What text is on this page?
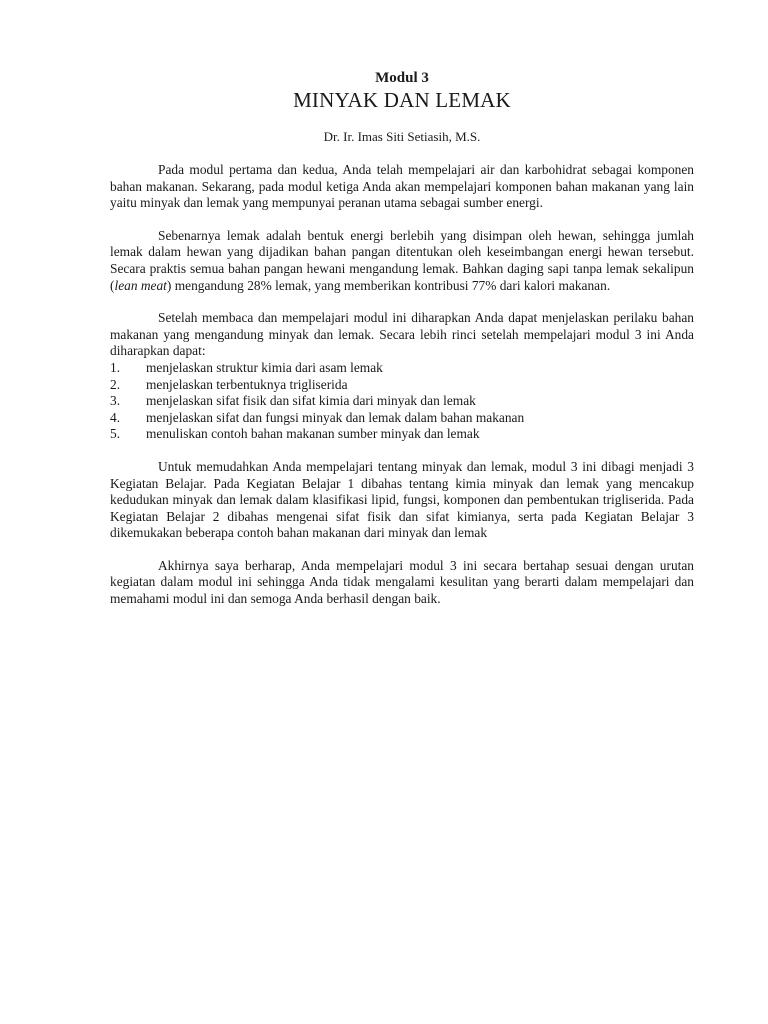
Modul 3

MINYAK DAN LEMAK

Dr. Ir. Imas Siti Setiasih, M.S.

Pada modul pertama dan kedua, Anda telah mempelajari air dan karbohidrat sebagai komponen bahan makanan. Sekarang, pada modul ketiga Anda akan mempelajari komponen bahan makanan yang lain yaitu minyak dan lemak yang mempunyai peranan utama sebagai sumber energi.

Sebenarnya lemak adalah bentuk energi berlebih yang disimpan oleh hewan, sehingga jumlah lemak dalam hewan yang dijadikan bahan pangan ditentukan oleh keseimbangan energi hewan tersebut. Secara praktis semua bahan pangan hewani mengandung lemak. Bahkan daging sapi tanpa lemak sekalipun (lean meat) mengandung 28% lemak, yang memberikan kontribusi 77% dari kalori makanan.

Setelah membaca dan mempelajari modul ini diharapkan Anda dapat menjelaskan perilaku bahan makanan yang mengandung minyak dan lemak. Secara lebih rinci setelah mempelajari modul 3 ini Anda diharapkan dapat:

1.	menjelaskan struktur kimia dari asam lemak
2.	menjelaskan terbentuknya trigliserida
3.	menjelaskan sifat fisik dan sifat kimia dari minyak dan lemak
4.	menjelaskan sifat dan fungsi minyak dan lemak dalam bahan makanan
5.	menuliskan contoh bahan makanan sumber minyak dan lemak

Untuk memudahkan Anda mempelajari tentang minyak dan lemak, modul 3 ini dibagi menjadi 3 Kegiatan Belajar. Pada Kegiatan Belajar 1 dibahas tentang kimia minyak dan lemak yang mencakup kedudukan minyak dan lemak dalam klasifikasi lipid, fungsi, komponen dan pembentukan trigliserida. Pada Kegiatan Belajar 2 dibahas mengenai sifat fisik dan sifat kimianya, serta pada Kegiatan Belajar 3 dikemukakan beberapa contoh bahan makanan dari minyak dan lemak

Akhirnya saya berharap, Anda mempelajari modul 3 ini secara bertahap sesuai dengan urutan kegiatan dalam modul ini sehingga Anda tidak mengalami kesulitan yang berarti dalam mempelajari dan memahami modul ini dan semoga Anda berhasil dengan baik.
